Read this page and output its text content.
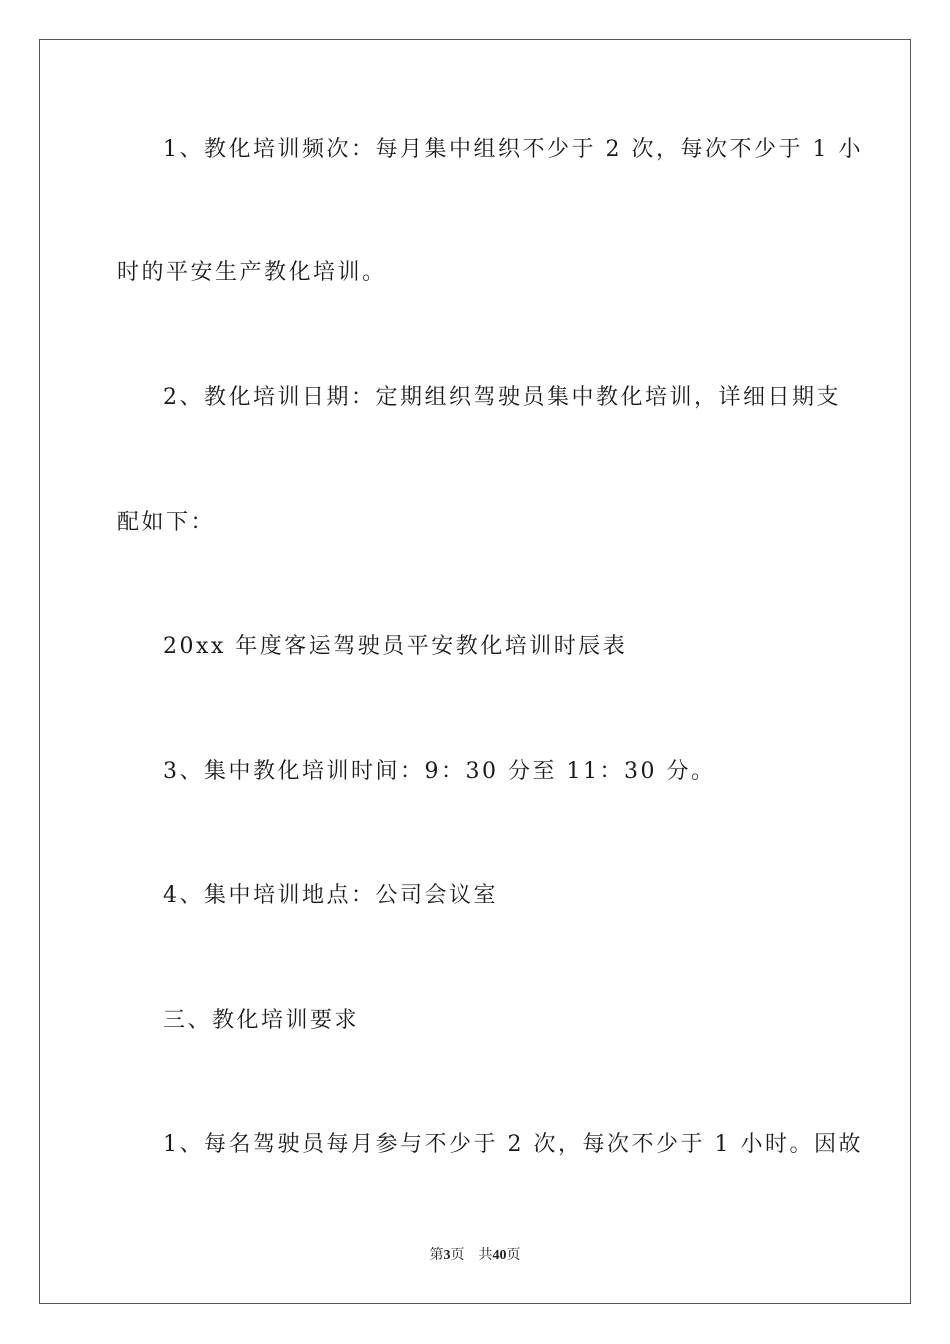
1、教化培训频次：每月集中组织不少于 2 次，每次不少于 1 小
时的平安生产教化培训。
2、教化培训日期：定期组织驾驶员集中教化培训，详细日期支
配如下：
20xx 年度客运驾驶员平安教化培训时辰表
3、集中教化培训时间：9：30 分至 11：30 分。
4、集中培训地点：公司会议室
三、教化培训要求
1、每名驾驶员每月参与不少于 2 次，每次不少于 1 小时。因故
第3页 共40页
